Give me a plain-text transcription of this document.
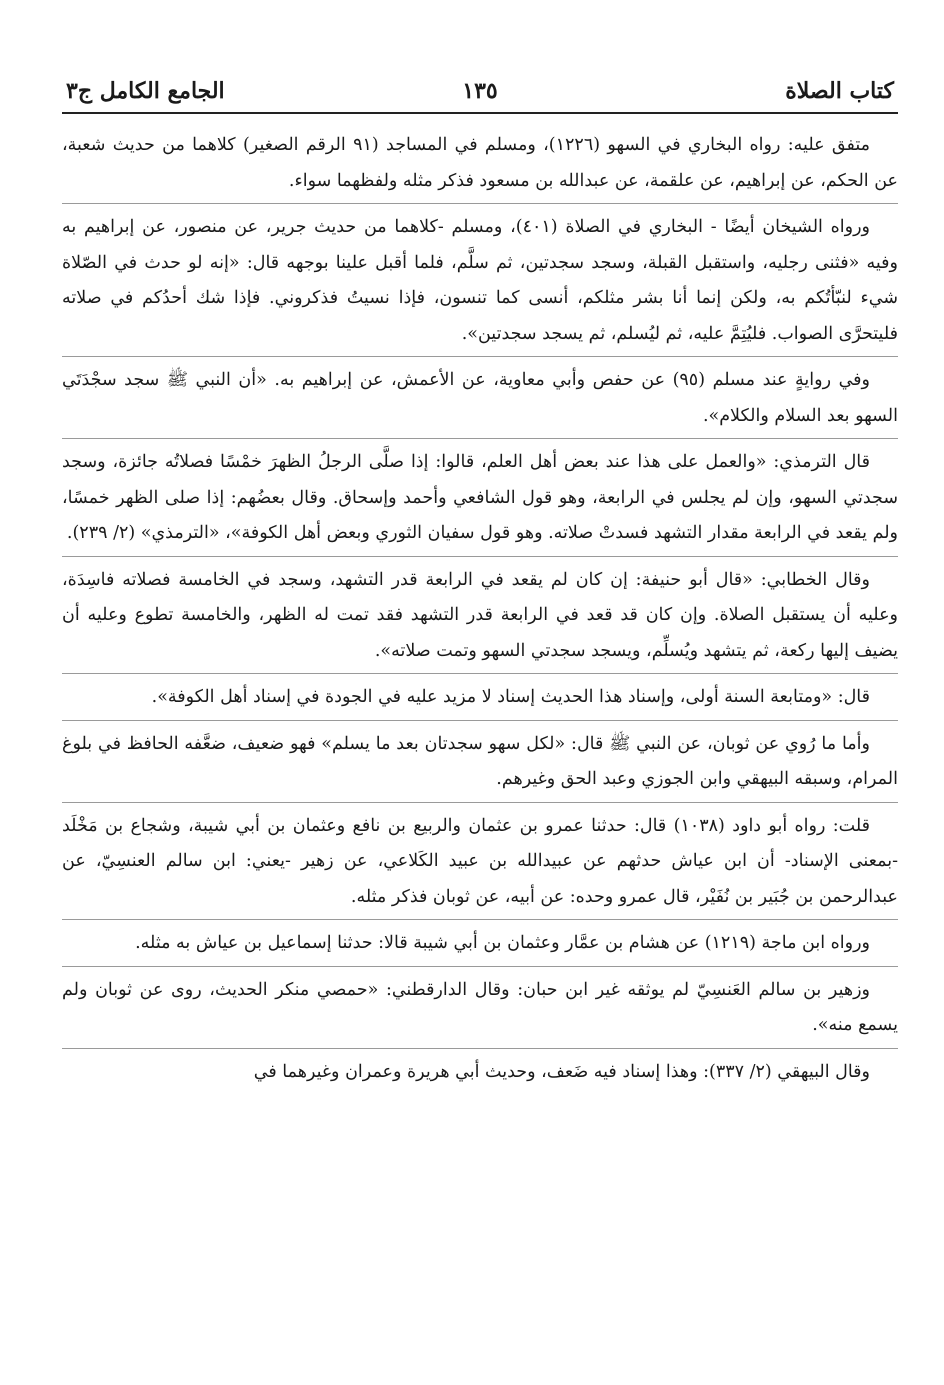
كتاب الصلاة
١٣٥
الجامع الكامل ج٣

متفق عليه: رواه البخاري في السهو (١٢٢٦)، ومسلم في المساجد (٩١ الرقم الصغير) كلاهما من حديث شعبة، عن الحكم، عن إبراهيم، عن علقمة، عن عبدالله بن مسعود فذكر مثله ولفظهما سواء.

ورواه الشيخان أيضًا - البخاري في الصلاة (٤٠١)، ومسلم -كلاهما من حديث جرير، عن منصور، عن إبراهيم به وفيه «فثنى رجليه، واستقبل القبلة، وسجد سجدتين، ثم سلَّم، فلما أقبل علينا بوجهه قال: «إنه لو حدث في الصّلاة شيء لنبّأتُكم به، ولكن إنما أنا بشر مثلكم، أنسى كما تنسون، فإذا نسيتُ فذكروني. فإذا شك أحدُكم في صلاته فليتحرَّى الصواب. فليُتِمَّ عليه، ثم ليُسلم، ثم يسجد سجدتين».

وفي روايةٍ عند مسلم (٩٥) عن حفص وأبي معاوية، عن الأعمش، عن إبراهيم به. «أن النبي ﷺ سجد سجْدَتَي السهو بعد السلام والكلام».

قال الترمذي: «والعمل على هذا عند بعض أهل العلم، قالوا: إذا صلَّى الرجلُ الظهرَ خمْسًا فصلاتُه جائزة، وسجد سجدتي السهو، وإن لم يجلس في الرابعة، وهو قول الشافعي وأحمد وإسحاق. وقال بعضُهم: إذا صلى الظهر خمسًا، ولم يقعد في الرابعة مقدار التشهد فسدتْ صلاته. وهو قول سفيان الثوري وبعض أهل الكوفة»، «الترمذي» (٢/ ٢٣٩).

وقال الخطابي: «قال أبو حنيفة: إن كان لم يقعد في الرابعة قدر التشهد، وسجد في الخامسة فصلاته فاسِدَة، وعليه أن يستقبل الصلاة. وإن كان قد قعد في الرابعة قدر التشهد فقد تمت له الظهر، والخامسة تطوع وعليه أن يضيف إليها ركعة، ثم يتشهد ويُسلِّم، ويسجد سجدتي السهو وتمت صلاته».

قال: «ومتابعة السنة أولى، وإسناد هذا الحديث إسناد لا مزيد عليه في الجودة في إسناد أهل الكوفة».

وأما ما رُوي عن ثوبان، عن النبي ﷺ قال: «لكل سهو سجدتان بعد ما يسلم» فهو ضعيف، ضعَّفه الحافظ في بلوغ المرام، وسبقه البيهقي وابن الجوزي وعبد الحق وغيرهم.

قلت: رواه أبو داود (١٠٣٨) قال: حدثنا عمرو بن عثمان والربيع بن نافع وعثمان بن أبي شيبة، وشجاع بن مَخْلَد -بمعنى الإسناد- أن ابن عياش حدثهم عن عبيدالله بن عبيد الكَلاعي، عن زهير -يعني: ابن سالم العنسِيّ، عن عبدالرحمن بن جُبَير بن نُفَيْر، قال عمرو وحده: عن أبيه، عن ثوبان فذكر مثله.

ورواه ابن ماجة (١٢١٩) عن هشام بن عمَّار وعثمان بن أبي شيبة قالا: حدثنا إسماعيل بن عياش به مثله.

وزهير بن سالم العَنسِيّ لم يوثقه غير ابن حبان: وقال الدارقطني: «حمصي منكر الحديث، روى عن ثوبان ولم يسمع منه».

وقال البيهقي (٢/ ٣٣٧): وهذا إسناد فيه ضَعف، وحديث أبي هريرة وعمران وغيرهما في
